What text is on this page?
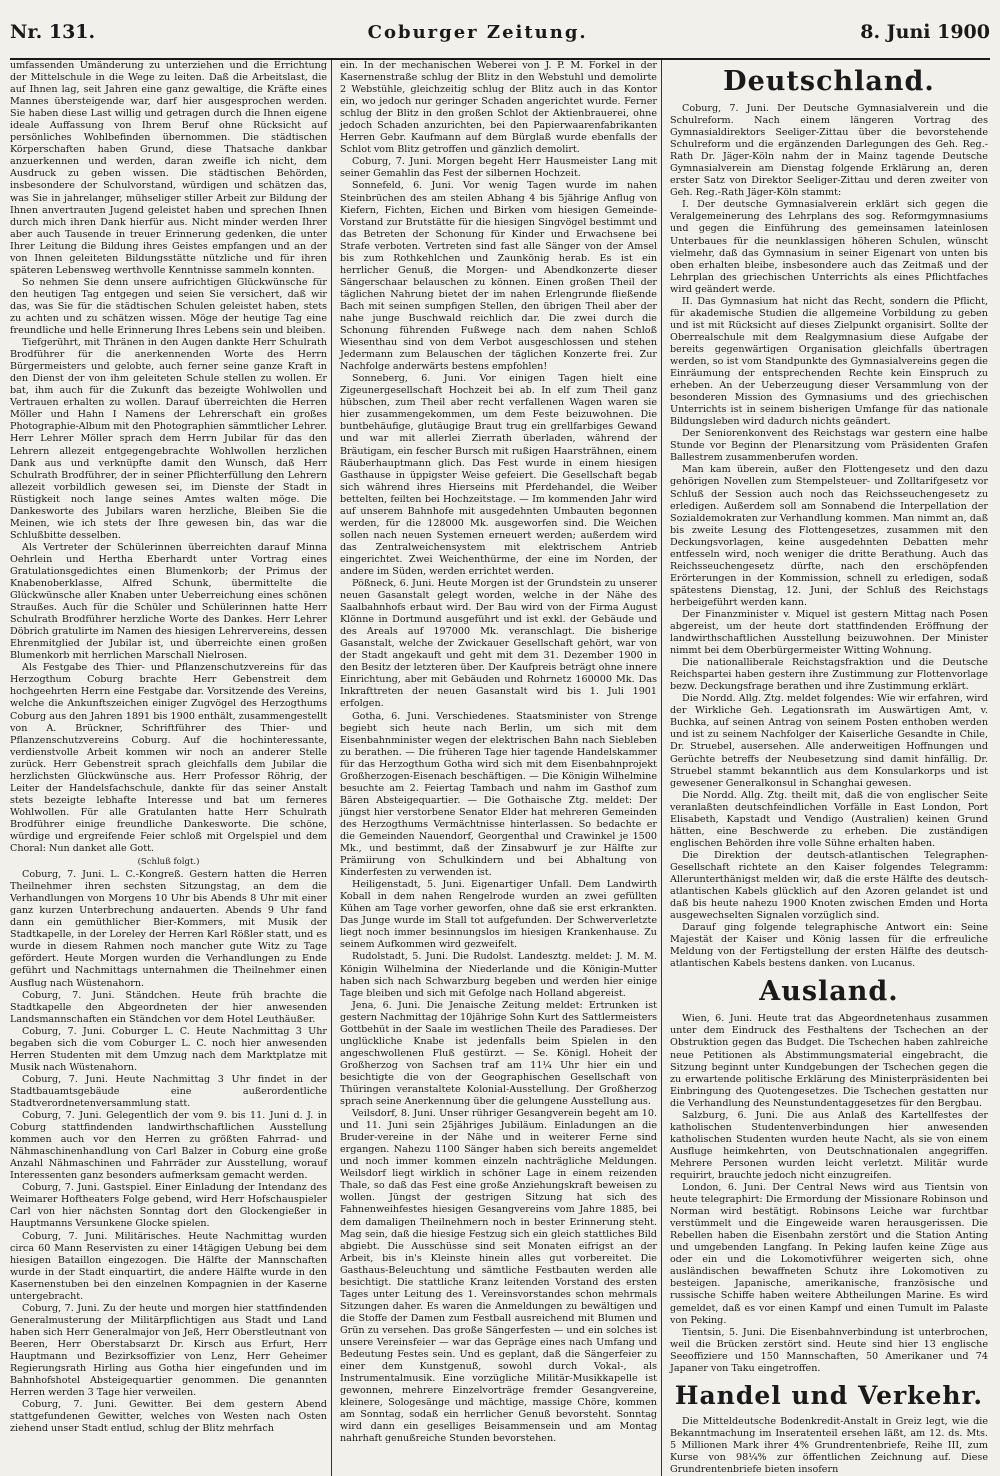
Nr. 131.	Coburger Zeitung.	8. Juni 1900

umfassenden Umänderung zu unterziehen und die Errichtung der Mittelschule in die Wege zu leiten. Daß die Arbeitslast, die auf Ihnen lag, seit Jahren eine ganz gewaltige, die Kräfte eines Mannes übersteigende war, darf hier ausgesprochen werden. Sie haben diese Last willig und getragen durch die Ihnen eigene ideale Auffassung von Ihrem Beruf ohne Rücksicht auf persönliches Wohlbefinden übernommen. Die städtischen Körperschaften haben Grund, diese Thatsache dankbar anzuerkennen und werden, daran zweifle ich nicht, dem Ausdruck zu geben wissen. Die städtischen Behörden, insbesondere der Schulvorstand, würdigen und schätzen das, was Sie in jahrelanger, mühseliger stiller Arbeit zur Bildung der Ihnen anvertrauten Jugend geleistet haben und sprechen Ihnen durch mich ihren Dank hierfür aus. Nicht minder werden Ihrer aber auch Tausende in treuer Erinnerung gedenken, die unter Ihrer Leitung die Bildung ihres Geistes empfangen und an der von Ihnen geleiteten Bildungsstätte nützliche und für ihren späteren Lebensweg werthvolle Kenntnisse sammeln konnten.

So nehmen Sie denn unsere aufrichtigen Glückwünsche für den heutigen Tag entgegen und seien Sie versichert, daß wir das, was Sie für die städtischen Schulen geleistet haben, stets zu achten und zu schätzen wissen. Möge der heutige Tag eine freundliche und helle Erinnerung Ihres Lebens sein und bleiben.

Tiefgerührt, mit Thränen in den Augen dankte Herr Schulrath Brodführer für die anerkennenden Worte des Herrn Bürgermeisters und gelobte, auch ferner seine ganze Kraft in den Dienst der von ihm geleiteten Schule stellen zu wollen. Er bat, ihm auch für die Zukunft das bezeigte Wohlwollen und Vertrauen erhalten zu wollen. Darauf überreichten die Herren Möller und Hahn I Namens der Lehrerschaft ein großes Photographie-Album mit den Photographien sämmtlicher Lehrer. Herr Lehrer Möller sprach dem Herrn Jubilar für das den Lehrern allezeit entgegengebrachte Wohlwollen herzlichen Dank aus und verknüpfte damit den Wunsch, daß Herr Schulrath Brodführer, der in seiner Pflichterfüllung den Lehrern allezeit vorbildlich gewesen sei, im Dienste der Stadt in Rüstigkeit noch lange seines Amtes walten möge. Die Dankesworte des Jubilars waren herzliche, Bleiben Sie die Meinen, wie ich stets der Ihre gewesen bin, das war die Schlußbitte desselben.

Als Vertreter der Schülerinnen überreichten darauf Minna Oehrlein und Hertha Eberhardt unter Vortrag eines Gratulationsgedichtes einen Blumenkorb; der Primus der Knabenoberklasse, Alfred Schunk, übermittelte die Glückwünsche aller Knaben unter Ueberreichung eines schönen Straußes. Auch für die Schüler und Schülerinnen hatte Herr Schulrath Brodführer herzliche Worte des Dankes. Herr Lehrer Döbrich gratulirte im Namen des hiesigen Lehrervereins, dessen Ehrenmitglied der Jubilar ist, und überreichte einen großen Blumenkorb mit herrlichen Marschall Nielrosen.

Als Festgabe des Thier- und Pflanzenschutzvereins für das Herzogthum Coburg brachte Herr Gebenstreit dem hochgeehrten Herrn eine Festgabe dar. Vorsitzende des Vereins, welche die Ankunftszeichen einiger Zugvögel des Herzogthums Coburg aus den Jahren 1891 bis 1900 enthält, zusammengestellt von A. Brückner, Schriftführer des Thier- und Pflanzenschutzvereins Coburg. Auf die hochinteressante, verdienstvolle Arbeit kommen wir noch an anderer Stelle zurück. Herr Gebenstreit sprach gleichfalls dem Jubilar die herzlichsten Glückwünsche aus. Herr Professor Röhrig, der Leiter der Handelsfachschule, dankte für das seiner Anstalt stets bezeigte lebhafte Interesse und bat um ferneres Wohlwollen. Für alle Gratulanten hatte Herr Schulrath Brodführer einige freundliche Dankesworte. Die schöne, würdige und ergreifende Feier schloß mit Orgelspiel und dem Choral: Nun danket alle Gott.

(Schluß folgt.)

Coburg, 7. Juni. L. C.-Kongreß. Gestern hatten die Herren Theilnehmer ihren sechsten Sitzungstag, an dem die Verhandlungen von Morgens 10 Uhr bis Abends 8 Uhr mit einer ganz kurzen Unterbrechung andauerten. Abends 9 Uhr fand dann ein gemüthlicher Bier-Kommers, mit Musik der Stadtkapelle, in der Loreley der Herren Karl Rößler statt, und es wurde in diesem Rahmen noch mancher gute Witz zu Tage gefördert. Heute Morgen wurden die Verhandlungen zu Ende geführt und Nachmittags unternahmen die Theilnehmer einen Ausflug nach Wüstenahorn.

Coburg, 7. Juni. Ständchen. Heute früh brachte die Stadtkapelle den Abgeordneten der hier anwesenden Landsmannschaften ein Ständchen vor dem Hotel Leuthäußer.

Coburg, 7. Juni. Coburger L. C. Heute Nachmittag 3 Uhr begaben sich die vom Coburger L. C. noch hier anwesenden Herren Studenten mit dem Umzug nach dem Marktplatze mit Musik nach Wüstenahorn.

Coburg, 7. Juni. Heute Nachmittag 3 Uhr findet in der Stadtbauamtsgebäude eine außerordentliche Stadtverordnetenversammlung statt.

Coburg, 7. Juni. Gelegentlich der vom 9. bis 11. Juni d. J. in Coburg stattfindenden landwirthschaftlichen Ausstellung kommen auch vor den Herren zu größten Fahrrad- und Nähmaschinenhandlung von Carl Balzer in Coburg eine große Anzahl Nähmaschinen und Fahrräder zur Ausstellung, worauf Interessenten ganz besonders aufmerksam gemacht werden.

Coburg, 7. Juni. Gastspiel. Einer Einladung der Intendanz des Weimarer Hoftheaters Folge gebend, wird Herr Hofschauspieler Carl von hier nächsten Sonntag dort den Glockengießer in Hauptmanns Versunkene Glocke spielen.

Coburg, 7. Juni. Militärisches. Heute Nachmittag wurden circa 60 Mann Reservisten zu einer 14tägigen Uebung bei dem hiesigen Bataillon eingezogen. Die Hälfte der Mannschaften wurde in der Stadt einquartirt, die andere Hälfte wurde in den Kasernenstuben bei den einzelnen Kompagnien in der Kaserne untergebracht.

Coburg, 7. Juni. Zu der heute und morgen hier stattfindenden Generalmusterung der Militärpflichtigen aus Stadt und Land haben sich Herr Generalmajor von Jeß, Herr Oberstleutnant von Beeren, Herr Oberstabsarzt Dr. Kirsch aus Erfurt, Herr Hauptmann und Bezirksoffizier von Lenz, Herr Geheimer Regierungsrath Hirling aus Gotha hier eingefunden und im Bahnhofshotel Absteigequartier genommen. Die genannten Herren werden 3 Tage hier verweilen.

Coburg, 7. Juni. Gewitter. Bei dem gestern Abend stattgefundenen Gewitter, welches von Westen nach Osten ziehend unser Stadt entlud, schlug der Blitz mehrfach

ein. In der mechanischen Weberei von J. P. M. Forkel in der Kasernenstraße schlug der Blitz in den Webstuhl und demolirte 2 Webstühle, gleichzeitig schlug der Blitz auch in das Kontor ein, wo jedoch nur geringer Schaden angerichtet wurde. Ferner schlug der Blitz in den großen Schlot der Aktienbrauerei, ohne jedoch Schaden anzurichten, bei den Papierwaarenfabrikanten Herren Gebr. Kaufmann auf dem Bürglaß wurde ebenfalls der Schlot vom Blitz getroffen und gänzlich demolirt.

Coburg, 7. Juni. Morgen begeht Herr Hausmeister Lang mit seiner Gemahlin das Fest der silbernen Hochzeit.

Sonnefeld, 6. Juni. Vor wenig Tagen wurde im nahen Steinbrüchen des am steilen Abhang 4 bis 5jährige Anflug von Kiefern, Fichten, Eichen und Birken vom hiesigen Gemeinde-Vorstand zur Brutstätte für die hiesigen Singvögel bestimmt und das Betreten der Schonung für Kinder und Erwachsene bei Strafe verboten. Vertreten sind fast alle Sänger von der Amsel bis zum Rothkehlchen und Zaunkönig herab. Es ist ein herrlicher Genuß, die Morgen- und Abendkonzerte dieser Sängerschaar belauschen zu können. Einen großen Theil der täglichen Nahrung bietet der im nahen Erlengrunde fließende Bach mit seinen sumpfigen Stellen, den übrigen Theil aber der nahe junge Buschwald reichlich dar. Die zwei durch die Schonung führenden Fußwege nach dem nahen Schloß Wiesenthau sind von dem Verbot ausgeschlossen und stehen Jedermann zum Belauschen der täglichen Konzerte frei. Zur Nachfolge anderwärts bestens empfohlen!

Sonneberg, 6. Juni. Vor einigen Tagen hielt eine Zigeunergesellschaft Hochzeit bei ab. In elf zum Theil ganz hübschen, zum Theil aber recht verfallenen Wagen waren sie hier zusammengekommen, um dem Feste beizuwohnen. Die buntbehäufige, glutäugige Braut trug ein grellfarbiges Gewand und war mit allerlei Zierrath überladen, während der Bräutigam, ein fescher Bursch mit rußigen Haarsträhnen, einem Räuberhauptmann glich. Das Fest wurde in einem hiesigen Gasthause in üppigster Weise gefeiert. Die Gesellschaft begab sich während ihres Hierseins mit Pferdehandel, die Weiber bettelten, feilten bei Hochzeitstage. — Im kommenden Jahr wird auf unserem Bahnhofe mit ausgedehnten Umbauten begonnen werden, für die 128000 Mk. ausgeworfen sind. Die Weichen sollen nach neuen Systemen erneuert werden; außerdem wird das Zentralweichensystem mit elektrischem Antrieb eingerichtet. Zwei Weichenthürme, der eine im Norden, der andere im Süden, werden errichtet werden.

Pößneck, 6. Juni. Heute Morgen ist der Grundstein zu unserer neuen Gasanstalt gelegt worden, welche in der Nähe des Saalbahnhofs erbaut wird. Der Bau wird von der Firma August Klönne in Dortmund ausgeführt und ist exkl. der Gebäude und des Areals auf 197000 Mk. veranschlagt. Die bisherige Gasanstalt, welche der Zwickauer Gesellschaft gehört, war von der Stadt angekauft und geht mit dem 31. Dezember 1900 in den Besitz der letzteren über. Der Kaufpreis beträgt ohne innere Einrichtung, aber mit Gebäuden und Rohrnetz 160000 Mk. Das Inkrafttreten der neuen Gasanstalt wird bis 1. Juli 1901 erfolgen.

Gotha, 6. Juni. Verschiedenes. Staatsminister von Strenge begiebt sich heute nach Berlin, um sich mit dem Eisenbahnminister wegen der elektrischen Bahn nach Siebleben zu berathen. — Die früheren Tage hier tagende Handelskammer für das Herzogthum Gotha wird sich mit dem Eisenbahnprojekt Großherzogen-Eisenach beschäftigen. — Die Königin Wilhelmine besuchte am 2. Feiertag Tambach und nahm im Gasthof zum Bären Absteigequartier. — Die Gothaische Ztg. meldet: Der jüngst hier verstorbene Senator Elder hat mehreren Gemeinden des Herzogthums Vermächtnisse hinterlassen. So bedachte er die Gemeinden Nauendorf, Georgenthal und Crawinkel je 1500 Mk., und bestimmt, daß der Zinsabwurf je zur Hälfte zur Prämiirung von Schulkindern und bei Abhaltung von Kinderfesten zu verwenden ist.

Heiligenstadt, 5. Juni. Eigenartiger Unfall. Dem Landwirth Koball in dem nahen Rengelrode wurden an zwei gefüllten Kühen am Tage vorher geworfen, ohne daß sie erst erkrankten. Das Junge wurde im Stall tot aufgefunden. Der Schwerverletzte liegt noch immer besinnungslos im hiesigen Krankenhause. Zu seinem Aufkommen wird gezweifelt.

Rudolstadt, 5. Juni. Die Rudolst. Landesztg. meldet: J. M. M. Königin Wilhelmina der Niederlande und die Königin-Mutter haben sich nach Schwarzburg begeben und werden hier einige Tage bleiben und sich mit Gefolge nach Holland abgereist.

Jena, 6. Juni. Die Jenaische Zeitung meldet: Ertrunken ist gestern Nachmittag der 10jährige Sohn Kurt des Sattlermeisters Gottbehüt in der Saale im westlichen Theile des Paradieses. Der unglückliche Knabe ist jedenfalls beim Spielen in den angeschwollenen Fluß gestürzt. — Se. Königl. Hoheit der Großherzog von Sachsen traf am 11¼ Uhr hier ein und besichtigte die von der Geographischen Gesellschaft von Thüringen veranstaltete Kolonial-Ausstellung. Der Großherzog sprach seine Anerkennung über die gelungene Ausstellung aus.

Veilsdorf, 8. Juni. Unser rühriger Gesangverein begeht am 10. und 11. Juni sein 25jähriges Jubiläum. Einladungen an die Bruder-vereine in der Nähe und in weiterer Ferne sind ergangen. Nahezu 1100 Sänger haben sich bereits angemeldet und noch immer kommen einzeln nachträgliche Meldungen. Weilsdorf liegt wirklich in schöner Lage in einem reizenden Thale, so daß das Fest eine große Anziehungskraft beweisen zu wollen. Jüngst der gestrigen Sitzung hat sich des Fahnenweihfestes hiesigen Gesangvereins vom Jahre 1885, bei dem damaligen Theilnehmern noch in bester Erinnerung steht. Mag sein, daß die hiesige Festzug sich ein gleich stattliches Bild abgiebt. Die Ausschüsse sind seit Monaten eifrigst an der Arbeit, bis in's Kleinste hinein alles gut vorbereitet. Die Gasthaus-Beleuchtung und sämtliche Festbauten werden alle besichtigt. Die stattliche Kranz leitenden Vorstand des ersten Tages unter Leitung des 1. Vereinsvorstandes schon mehrmals Sitzungen daher. Es waren die Anmeldungen zu bewältigen und die Stoffe der Damen zum Festball ausreichend mit Blumen und Grün zu versehen. Das große Sängerfesten — und ein solches ist unsere Vereinsfeier — war das Gepräge eines nach Umfang und Bedeutung Festes sein. Und es geplant, daß die Sängerfeier zu einer dem Kunstgenuß, sowohl durch Vokal-, als Instrumentalmusik. Eine vorzügliche Militär-Musikkapelle ist gewonnen, mehrere Einzelvorträge fremder Gesangvereine, kleinere, Sologesänge und mächtige, massige Chöre, kommen am Sonntag, sodaß ein herrlicher Genuß bevorsteht. Sonntag wird dann ein geselliges Beisammensein und am Montag nahrhaft genußreiche Stunden bevorstehen.

Deutschland.

Coburg, 7. Juni. Der Deutsche Gymnasialverein und die Schulreform. Nach einem längeren Vortrag des Gymnasialdirektors Seeliger-Zittau über die bevorstehende Schulreform und die ergänzenden Darlegungen des Geh. Reg.-Rath Dr. Jäger-Köln nahm der in Mainz tagende Deutsche Gymnasialverein am Dienstag folgende Erklärung an, deren erster Satz von Direktor Seeliger-Zittau und deren zweiter von Geh. Reg.-Rath Jäger-Köln stammt:

I. Der deutsche Gymnasialverein erklärt sich gegen die Veralgemeinerung des Lehrplans des sog. Reformgymnasiums und gegen die Einführung des gemeinsamen lateinlosen Unterbaues für die neunklassigen höheren Schulen, wünscht vielmehr, daß das Gymnasium in seiner Eigenart von unten bis oben erhalten bleibe, insbesondere auch das Zeitmaß und der Lehrplan des griechischen Unterrichts als eines Pflichtfaches wird geändert werde.

II. Das Gymnasium hat nicht das Recht, sondern die Pflicht, für akademische Studien die allgemeine Vorbildung zu geben und ist mit Rücksicht auf dieses Zielpunkt organisirt. Sollte der Oberrealschule mit dem Realgymnasium diese Aufgabe der bereits gegenwärtigen Organisation gleichfalls übertragen werden, so ist vom Standpunkte des Gymnasialvereins gegen die Einräumung der entsprechenden Rechte kein Einspruch zu erheben. An der Ueberzeugung dieser Versammlung von der besonderen Mission des Gymnasiums und des griechischen Unterrichts ist in seinem bisherigen Umfange für das nationale Bildungsleben wird dadurch nichts geändert.

Der Seniorenkonvent des Reichstags war gestern eine halbe Stunde vor Beginn der Plenarsitzung vom Präsidenten Grafen Ballestrem zusammenberufen worden.

Man kam überein, außer den Flottengesetz und den dazu gehörigen Novellen zum Stempelsteuer- und Zolltarifgesetz vor Schluß der Session auch noch das Reichsseuchengesetz zu erledigen. Außerdem soll am Sonnabend die Interpellation der Sozialdemokraten zur Verhandlung kommen. Man nimmt an, daß bis zweite Lesung des Flottengesetzes, zusammen mit den Deckungsvorlagen, keine ausgedehnten Debatten mehr entfesseln wird, noch weniger die dritte Berathung. Auch das Reichsseuchengesetz dürfte, nach den erschöpfenden Erörterungen in der Kommission, schnell zu erledigen, sodaß spätestens Dienstag, 12. Juni, der Schluß des Reichstags herbeigeführt werden kann.

Der Finanzminister v. Miquel ist gestern Mittag nach Posen abgereist, um der heute dort stattfindenden Eröffnung der landwirthschaftlichen Ausstellung beizuwohnen. Der Minister nimmt bei dem Oberbürgermeister Witting Wohnung.

Die nationalliberale Reichstagsfraktion und die Deutsche Reichspartei haben gestern ihre Zustimmung zur Flottenvorlage bezw. Deckungsfrage berathen und ihre Zustimmung erklärt.

Die Nordd. Allg. Ztg. meldet folgendes: Wie wir erfahren, wird der Wirkliche Geh. Legationsrath im Auswärtigen Amt, v. Buchka, auf seinen Antrag von seinem Posten enthoben werden und ist zu seinem Nachfolger der Kaiserliche Gesandte in Chile, Dr. Struebel, ausersehen. Alle anderweitigen Hoffnungen und Gerüchte betreffs der Neubesetzung sind damit hinfällig. Dr. Struebel stammt bekanntlich aus dem Konsularkorps und ist gewesener Generalkonsul in Schanghai gewesen.

Die Nordd. Allg. Ztg. theilt mit, daß die von englischer Seite veranlaßten deutschfeindlichen Vorfälle in East London, Port Elisabeth, Kapstadt und Vendigo (Australien) keinen Grund hätten, eine Beschwerde zu erheben. Die zuständigen englischen Behörden ihre volle Sühne erhalten haben.

Die Direktion der deutsch-atlantischen Telegraphen-Gesellschaft richtete an den Kaiser folgendes Telegramm: Allerunterthänigst melden wir, daß die erste Hälfte des deutsch-atlantischen Kabels glücklich auf den Azoren gelandet ist und daß bis heute nahezu 1900 Knoten zwischen Emden und Horta ausgewechselten Signalen vorzüglich sind.

Darauf ging folgende telegraphische Antwort ein: Seine Majestät der Kaiser und König lassen für die erfreuliche Meldung von der Fertigstellung der ersten Hälfte des deutsch-atlantischen Kabels bestens danken. von Lucanus.

Ausland.

Wien, 6. Juni. Heute trat das Abgeordnetenhaus zusammen unter dem Eindruck des Festhaltens der Tschechen an der Obstruktion gegen das Budget. Die Tschechen haben zahlreiche neue Petitionen als Abstimmungsmaterial eingebracht, die Sitzung beginnt unter Kundgebungen der Tschechen gegen die zu erwartende politische Erklärung des Ministerpräsidenten bei Einbringung des Quotengesetzes. Die Tschechen gestatten nur die Verhandlung des Neunstundentaggesetzes für den Bergbau.

Salzburg, 6. Juni. Die aus Anlaß des Kartellfestes der katholischen Studentenverbindungen hier anwesenden katholischen Studenten wurden heute Nacht, als sie von einem Ausfluge heimkehrten, von Deutschnationalen angegriffen. Mehrere Personen wurden leicht verletzt. Militär wurde requirirt, brauchte jedoch nicht einzugreifen.

London, 6. Juni. Der Central News wird aus Tientsin von heute telegraphirt: Die Ermordung der Missionare Robinson und Norman wird bestätigt. Robinsons Leiche war furchtbar verstümmelt und die Eingeweide waren herausgerissen. Die Rebellen haben die Eisenbahn zerstört und die Station Anting und umgebenden Langfang. In Peking laufen keine Züge aus oder ein und die Lokomotivführer weigerten sich, ohne ausländischen bewaffneten Schutz ihre Lokomotiven zu besteigen. Japanische, amerikanische, französische und russische Schiffe haben weitere Abtheilungen Marine. Es wird gemeldet, daß es vor einen Kampf und einen Tumult im Palaste von Peking.

Tientsin, 5. Juni. Die Eisenbahnverbindung ist unterbrochen, weil die Brücken zerstört sind. Heute sind hier 13 englische Seeoffiziere und 150 Mannschaften, 50 Amerikaner und 74 Japaner von Taku eingetroffen.

Handel und Verkehr.

Die Mitteldeutsche Bodenkredit-Anstalt in Greiz legt, wie die Bekanntmachung im Inseratenteil ersehen läßt, am 12. ds. Mts. 5 Millionen Mark ihrer 4% Grundrentenbriefe, Reihe III, zum Kurse von 98¼% zur öffentlichen Zeichnung auf. Diese Grundrentenbriefe bieten insofern
